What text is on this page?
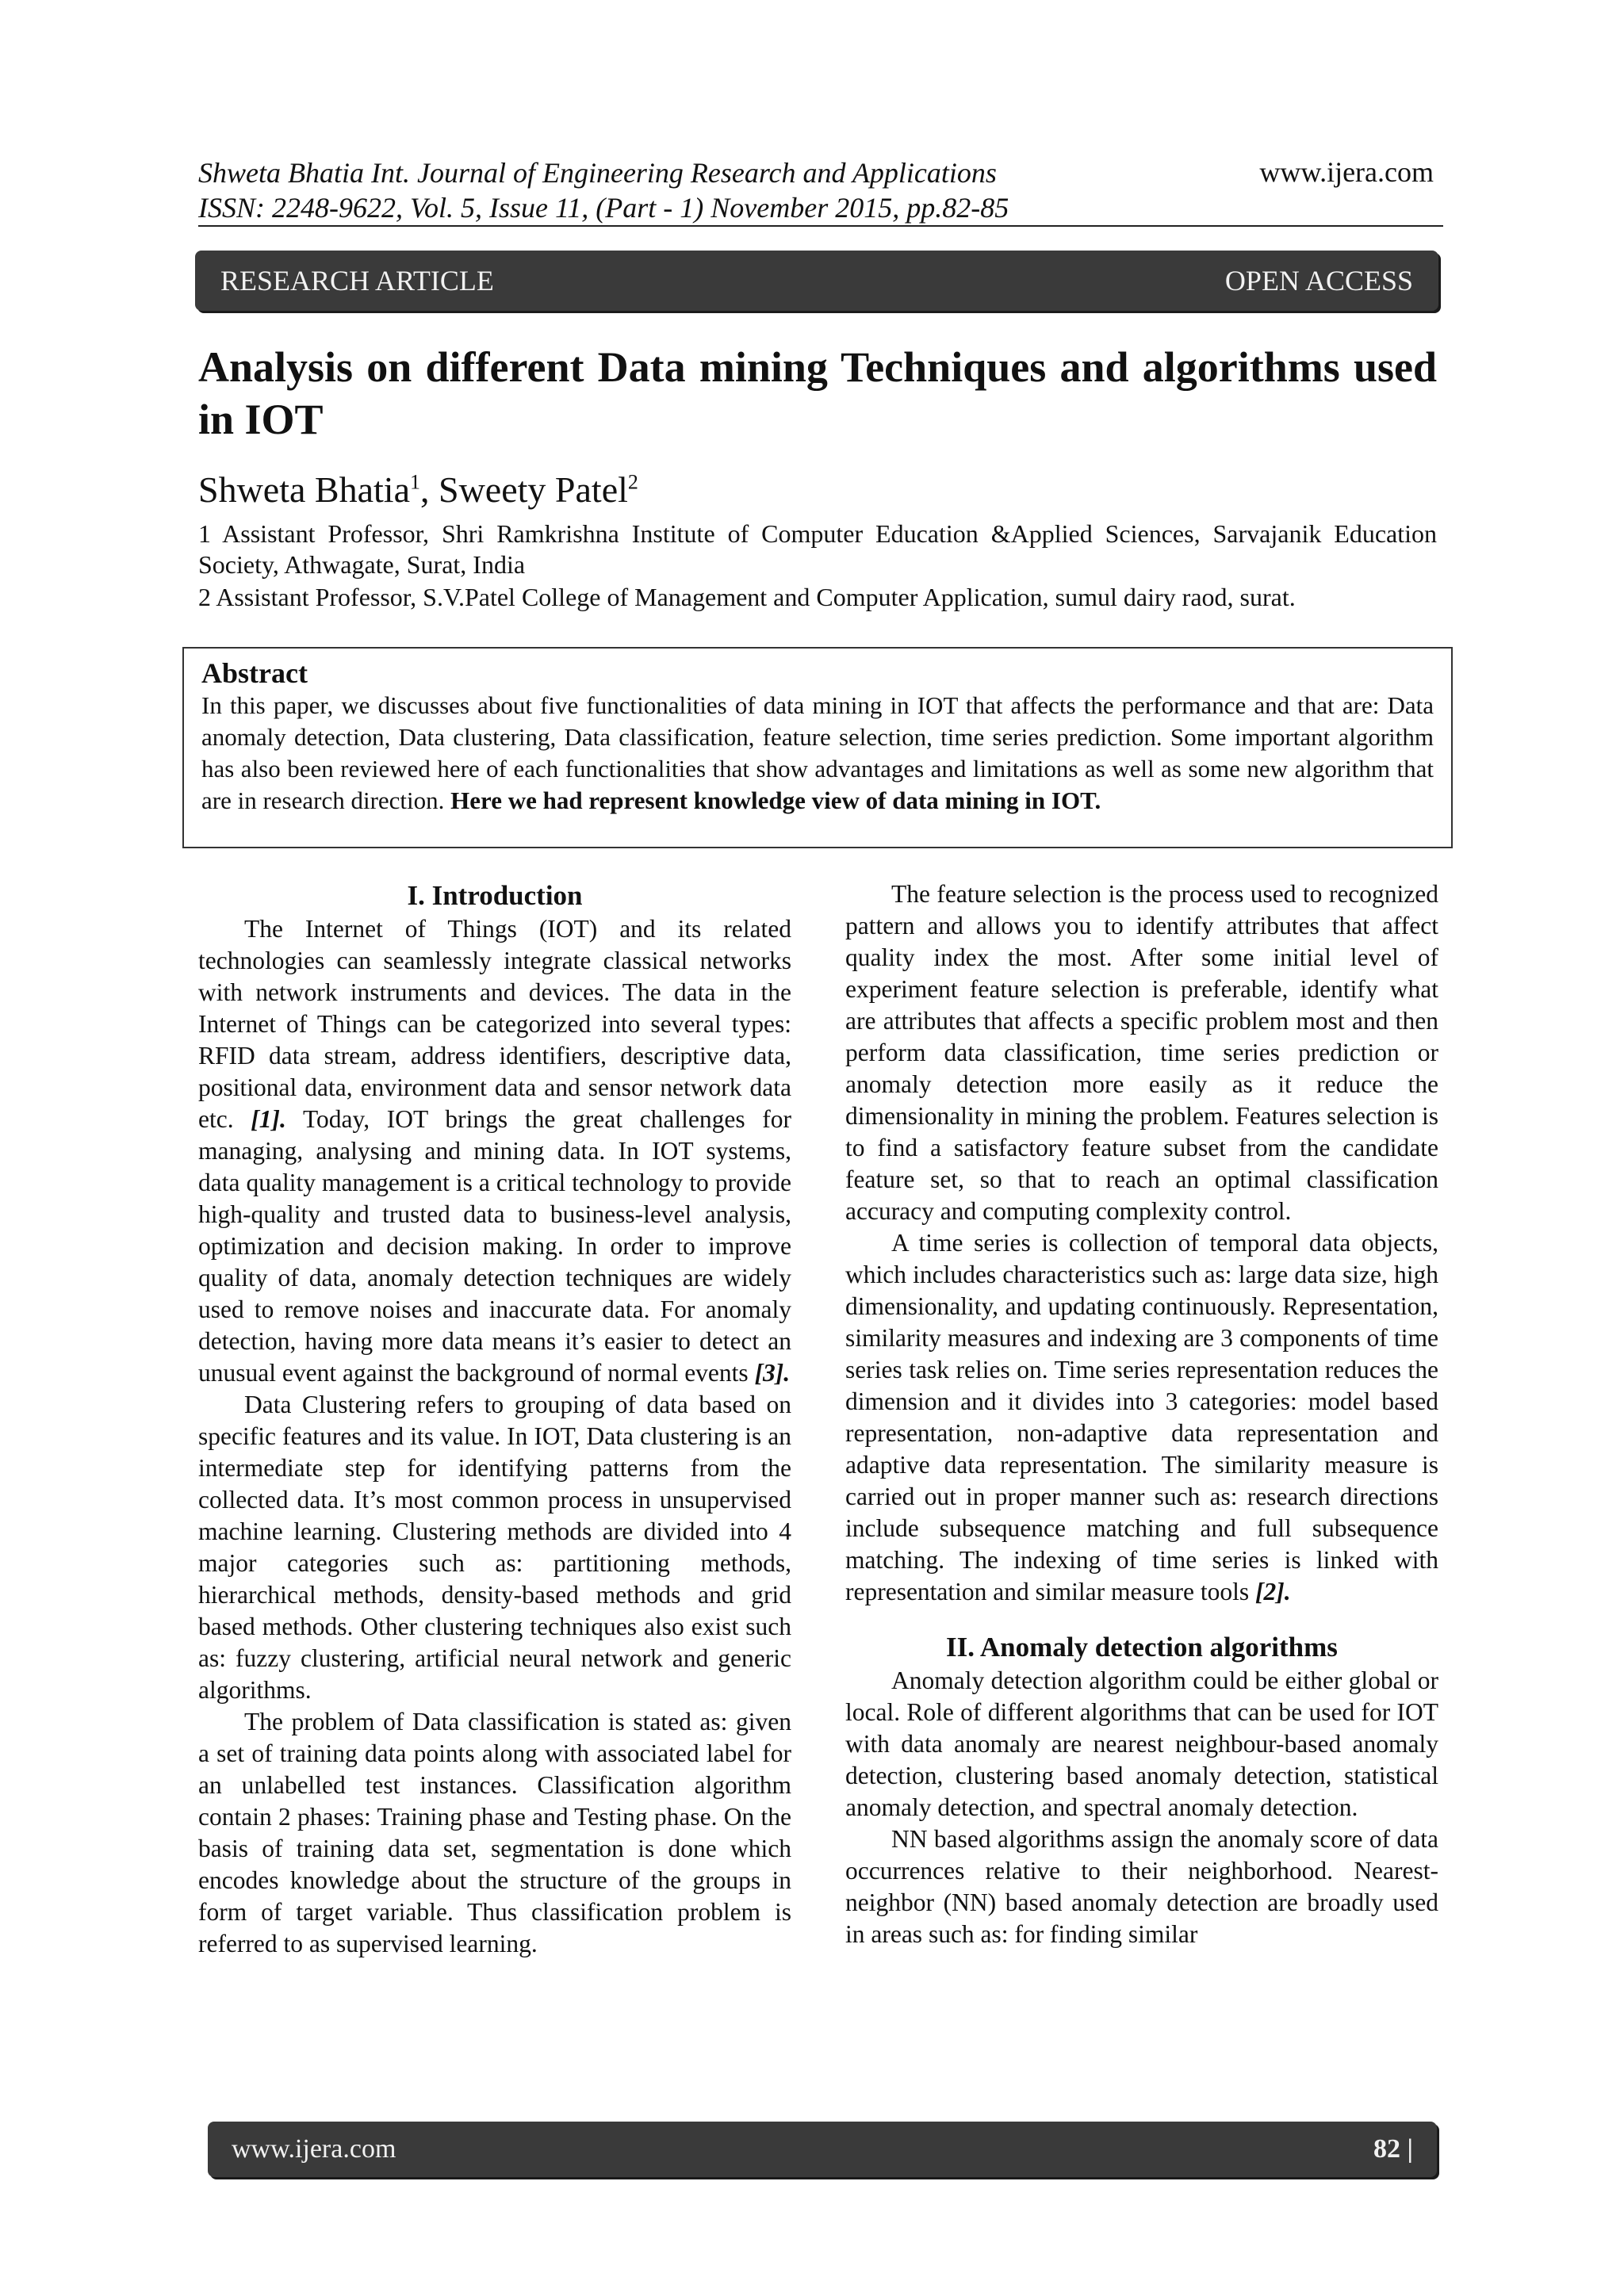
Shweta Bhatia Int. Journal of Engineering Research and Applications
ISSN: 2248-9622, Vol. 5, Issue 11, (Part - 1) November 2015, pp.82-85
www.ijera.com
RESEARCH ARTICLE	OPEN ACCESS
Analysis on different Data mining Techniques and algorithms used in IOT
Shweta Bhatia$^1$, Sweety Patel$^2$
1 Assistant Professor, Shri Ramkrishna Institute of Computer Education &Applied Sciences, Sarvajanik Education Society, Athwagate, Surat, India
2 Assistant Professor, S.V.Patel College of Management and Computer Application, sumul dairy raod, surat.
Abstract
In this paper, we discusses about five functionalities of data mining in IOT that affects the performance and that are: Data anomaly detection, Data clustering, Data classification, feature selection, time series prediction. Some important algorithm has also been reviewed here of each functionalities that show advantages and limitations as well as some new algorithm that are in research direction. Here we had represent knowledge view of data mining in IOT.
I. Introduction

The Internet of Things (IOT) and its related technologies can seamlessly integrate classical networks with network instruments and devices. The data in the Internet of Things can be categorized into several types: RFID data stream, address identifiers, descriptive data, positional data, environment data and sensor network data etc. [1]. Today, IOT brings the great challenges for managing, analysing and mining data. In IOT systems, data quality management is a critical technology to provide high-quality and trusted data to business-level analysis, optimization and decision making. In order to improve quality of data, anomaly detection techniques are widely used to remove noises and inaccurate data. For anomaly detection, having more data means it’s easier to detect an unusual event against the background of normal events [3].

Data Clustering refers to grouping of data based on specific features and its value. In IOT, Data clustering is an intermediate step for identifying patterns from the collected data. It’s most common process in unsupervised machine learning. Clustering methods are divided into 4 major categories such as: partitioning methods, hierarchical methods, density-based methods and grid based methods. Other clustering techniques also exist such as: fuzzy clustering, artificial neural network and generic algorithms.

The problem of Data classification is stated as: given a set of training data points along with associated label for an unlabelled test instances. Classification algorithm contain 2 phases: Training phase and Testing phase. On the basis of training data set, segmentation is done which encodes knowledge about the structure of the groups in form of target variable. Thus classification problem is referred to as supervised learning.

The feature selection is the process used to recognized pattern and allows you to identify attributes that affect quality index the most. After some initial level of experiment feature selection is preferable, identify what are attributes that affects a specific problem most and then perform data classification, time series prediction or anomaly detection more easily as it reduce the dimensionality in mining the problem. Features selection is to find a satisfactory feature subset from the candidate feature set, so that to reach an optimal classification accuracy and computing complexity control.

A time series is collection of temporal data objects, which includes characteristics such as: large data size, high dimensionality, and updating continuously. Representation, similarity measures and indexing are 3 components of time series task relies on. Time series representation reduces the dimension and it divides into 3 categories: model based representation, non-adaptive data representation and adaptive data representation. The similarity measure is carried out in proper manner such as: research directions include subsequence matching and full subsequence matching. The indexing of time series is linked with representation and similar measure tools [2].

II. Anomaly detection algorithms

Anomaly detection algorithm could be either global or local. Role of different algorithms that can be used for IOT with data anomaly are nearest neighbour-based anomaly detection, clustering based anomaly detection, statistical anomaly detection, and spectral anomaly detection.

NN based algorithms assign the anomaly score of data occurrences relative to their neighborhood. Nearest-neighbor (NN) based anomaly detection are broadly used in areas such as: for finding similar

www.ijera.com	82 |
